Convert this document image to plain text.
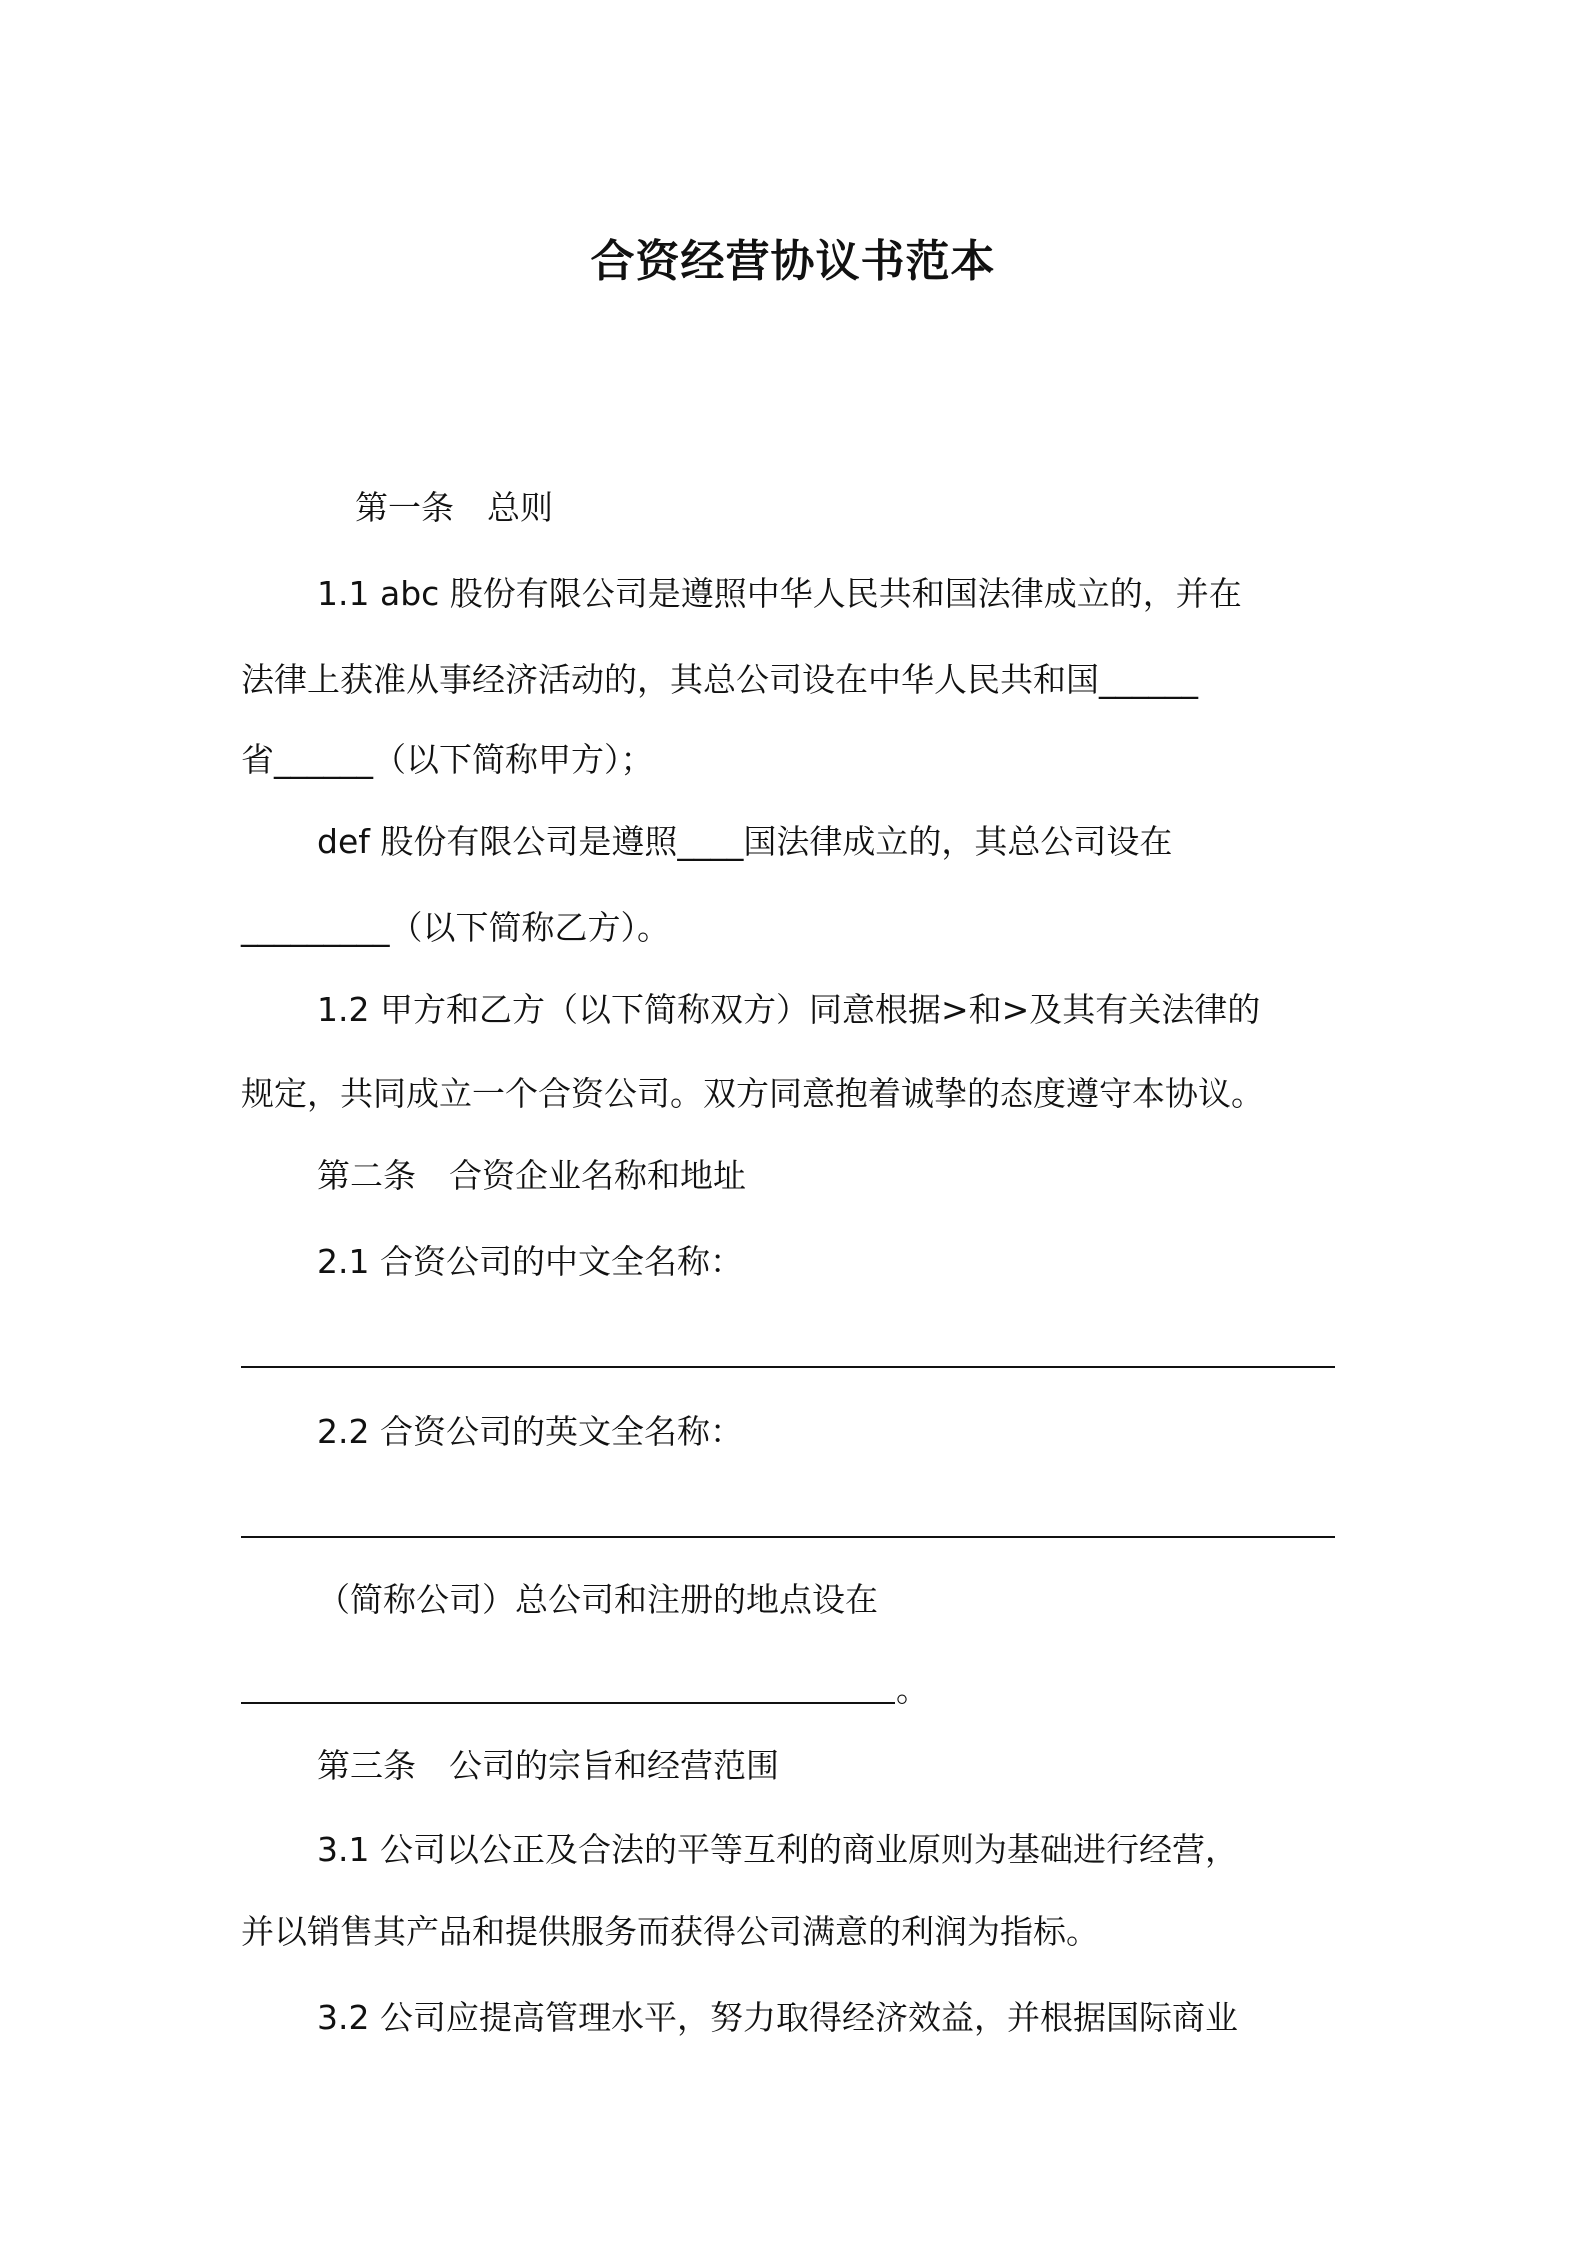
合资经营协议书范本
第一条　总则
1.1 abc 股份有限公司是遵照中华人民共和国法律成立的，并在
法律上获准从事经济活动的，其总公司设在中华人民共和国______
省______（以下简称甲方）；
def 股份有限公司是遵照____国法律成立的，其总公司设在
_________（以下简称乙方）。
1.2 甲方和乙方（以下简称双方）同意根据>和>及其有关法律的
规定，共同成立一个合资公司。双方同意抱着诚挚的态度遵守本协议。
第二条　合资企业名称和地址
2.1 合资公司的中文全名称：
2.2 合资公司的英文全名称：
（简称公司）总公司和注册的地点设在
。
第三条　公司的宗旨和经营范围
3.1 公司以公正及合法的平等互利的商业原则为基础进行经营，
并以销售其产品和提供服务而获得公司满意的利润为指标。
3.2 公司应提高管理水平，努力取得经济效益，并根据国际商业
